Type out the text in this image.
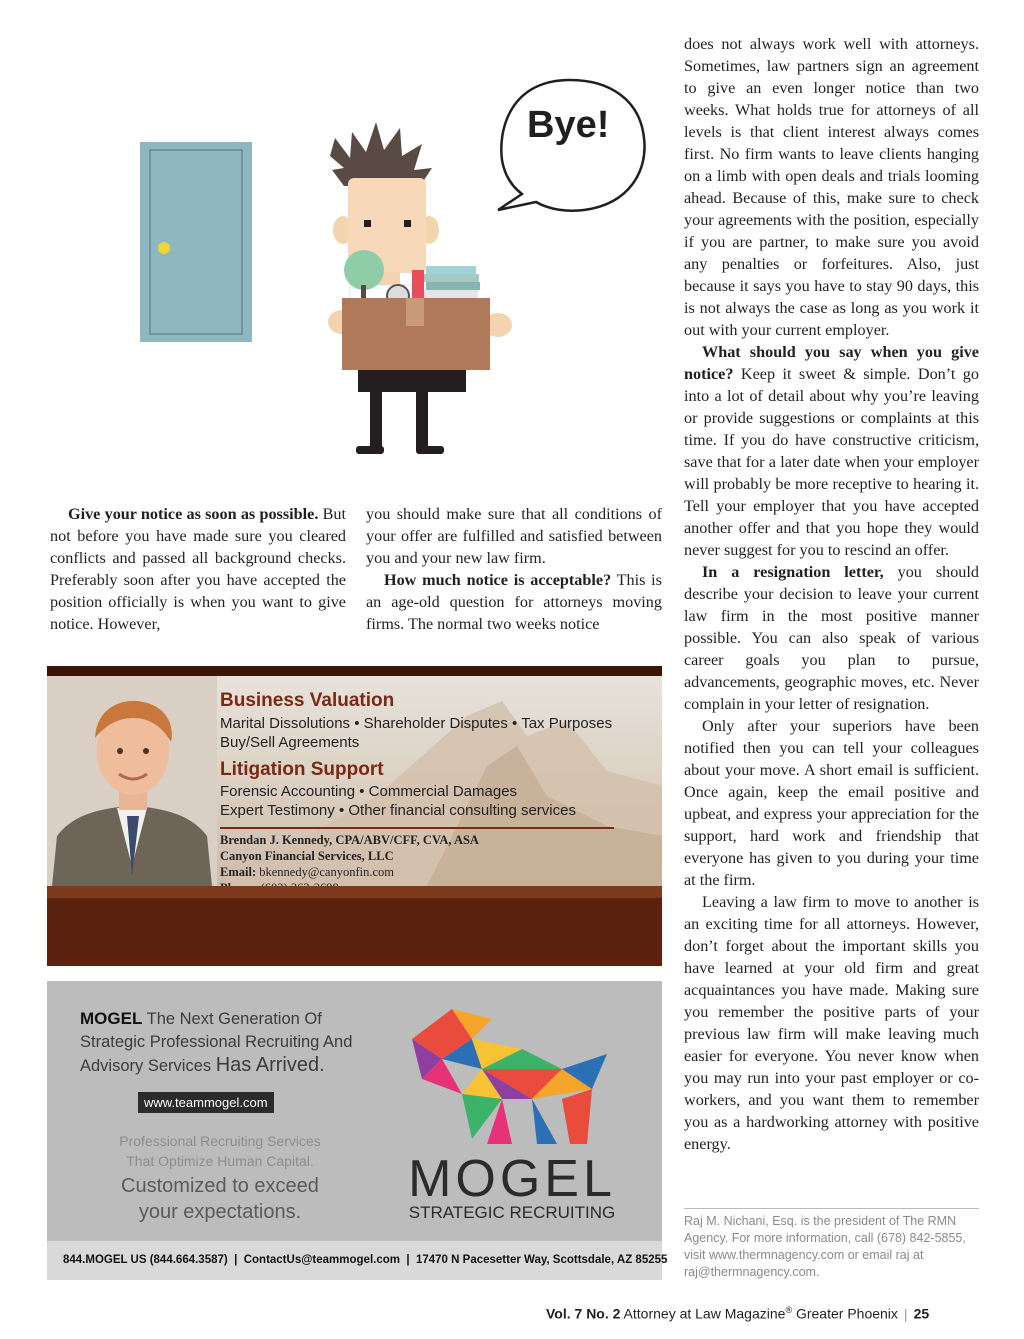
Bye!

Give your notice as soon as possible. But not before you have made sure you cleared conflicts and passed all background checks. Preferably soon after you have accepted the position officially is when you want to give notice. However,

you should make sure that all conditions of your offer are fulfilled and satisfied between you and your new law firm.

How much notice is acceptable? This is an age-old question for attorneys moving firms. The normal two weeks notice

does not always work well with attorneys. Sometimes, law partners sign an agreement to give an even longer notice than two weeks. What holds true for attorneys of all levels is that client interest always comes first. No firm wants to leave clients hanging on a limb with open deals and trials looming ahead. Because of this, make sure to check your agreements with the position, especially if you are partner, to make sure you avoid any penalties or forfeitures. Also, just because it says you have to stay 90 days, this is not always the case as long as you work it out with your current employer.

What should you say when you give notice? Keep it sweet & simple. Don’t go into a lot of detail about why you’re leaving or provide suggestions or complaints at this time. If you do have constructive criticism, save that for a later date when your employer will probably be more receptive to hearing it. Tell your employer that you have accepted another offer and that you hope they would never suggest for you to rescind an offer.

In a resignation letter, you should describe your decision to leave your current law firm in the most positive manner possible. You can also speak of various career goals you plan to pursue, advancements, geographic moves, etc. Never complain in your letter of resignation.

Only after your superiors have been notified then you can tell your colleagues about your move. A short email is sufficient. Once again, keep the email positive and upbeat, and express your appreciation for the support, hard work and friendship that everyone has given to you during your time at the firm.

Leaving a law firm to move to another is an exciting time for all attorneys. However, don’t forget about the important skills you have learned at your old firm and great acquaintances you have made. Making sure you remember the positive parts of your previous law firm will make leaving much easier for everyone. You never know when you may run into your past employer or co-workers, and you want them to remember you as a hardworking attorney with positive energy.

Raj M. Nichani, Esq. is the president of The RMN Agency. For more information, call (678) 842-5855, visit www.thermnagency.com or email raj at raj@thermnagency.com.

Business Valuation
Marital Dissolutions • Shareholder Disputes • Tax Purposes
Buy/Sell Agreements
Litigation Support
Forensic Accounting • Commercial Damages
Expert Testimony • Other financial consulting services
Brendan J. Kennedy, CPA/ABV/CFF, CVA, ASA
Canyon Financial Services, LLC
Email: bkennedy@canyonfin.com
MOGEL The Next Generation Of
Strategic Professional Recruiting And
Advisory Services Has Arrived.
www.teammogel.com
Professional Recruiting Services
That Optimize Human Capital.
Customized to exceed
your expectations.
MOGEL
STRATEGIC RECRUITING
844.MOGEL US (844.664.3587)  |  ContactUs@teammogel.com  |  17470 N Pacesetter Way, Scottsdale, AZ 85255
Vol. 7 No. 2 Attorney at Law Magazine® Greater Phoenix | 25
